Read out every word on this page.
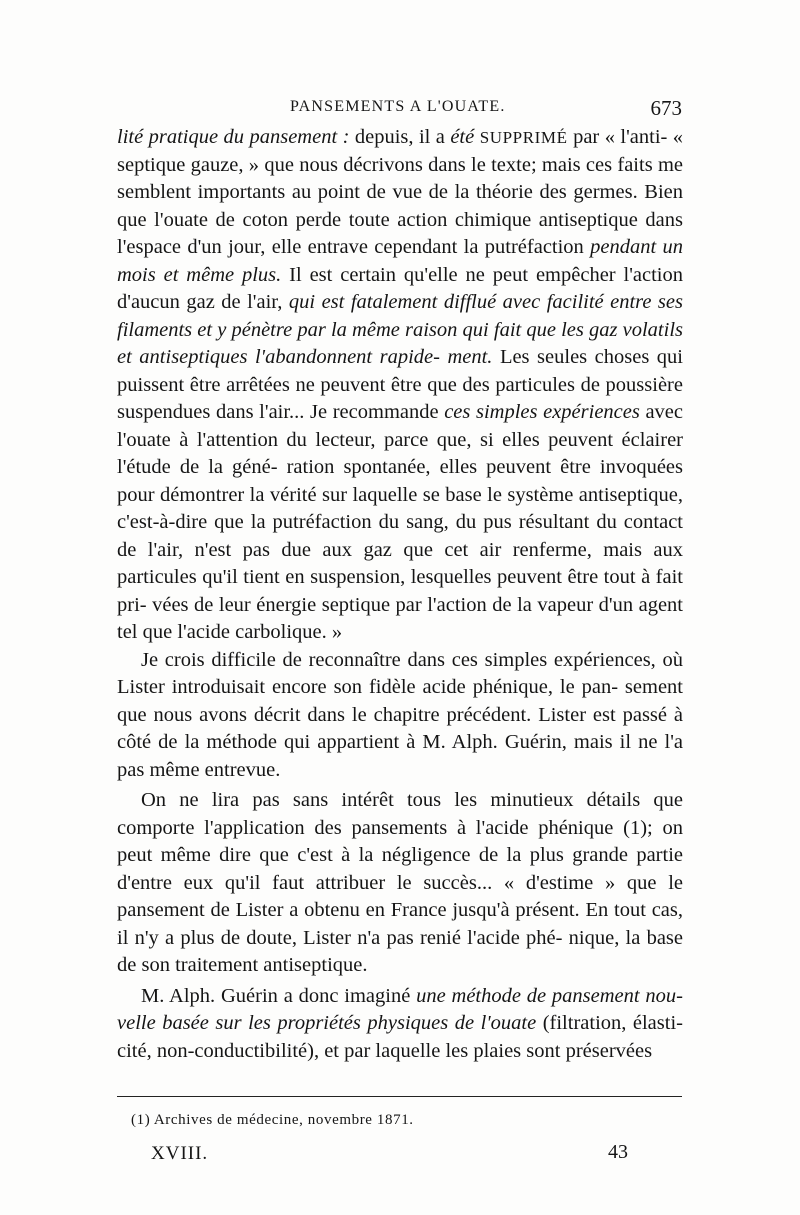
PANSEMENTS A L'OUATE.	673

lité pratique du pansement : depuis, il a été SUPPRIMÉ par « l'anti- « septique gauze, » que nous décrivons dans le texte; mais ces faits me semblent importants au point de vue de la théorie des germes. Bien que l'ouate de coton perde toute action chimique antiseptique dans l'espace d'un jour, elle entrave cependant la putréfaction pendant un mois et même plus. Il est certain qu'elle ne peut empêcher l'action d'aucun gaz de l'air, qui est fatalement difflué avec facilité entre ses filaments et y pénètre par la même raison qui fait que les gaz volatils et antiseptiques l'abandonnent rapide- ment. Les seules choses qui puissent être arrêtées ne peuvent être que des particules de poussière suspendues dans l'air... Je recommande ces simples expériences avec l'ouate à l'attention du lecteur, parce que, si elles peuvent éclairer l'étude de la géné- ration spontanée, elles peuvent être invoquées pour démontrer la vérité sur laquelle se base le système antiseptique, c'est-à-dire que la putréfaction du sang, du pus résultant du contact de l'air, n'est pas due aux gaz que cet air renferme, mais aux particules qu'il tient en suspension, lesquelles peuvent être tout à fait pri- vées de leur énergie septique par l'action de la vapeur d'un agent tel que l'acide carbolique. »

Je crois difficile de reconnaître dans ces simples expériences, où Lister introduisait encore son fidèle acide phénique, le pan- sement que nous avons décrit dans le chapitre précédent. Lister est passé à côté de la méthode qui appartient à M. Alph. Guérin, mais il ne l'a pas même entrevue.

On ne lira pas sans intérêt tous les minutieux détails que comporte l'application des pansements à l'acide phénique (1); on peut même dire que c'est à la négligence de la plus grande partie d'entre eux qu'il faut attribuer le succès... « d'estime » que le pansement de Lister a obtenu en France jusqu'à présent. En tout cas, il n'y a plus de doute, Lister n'a pas renié l'acide phé- nique, la base de son traitement antiseptique.

M. Alph. Guérin a donc imaginé une méthode de pansement nou- velle basée sur les propriétés physiques de l'ouate (filtration, élasti- cité, non-conductibilité), et par laquelle les plaies sont préservées

(1) Archives de médecine, novembre 1871.
XVIII.	43
